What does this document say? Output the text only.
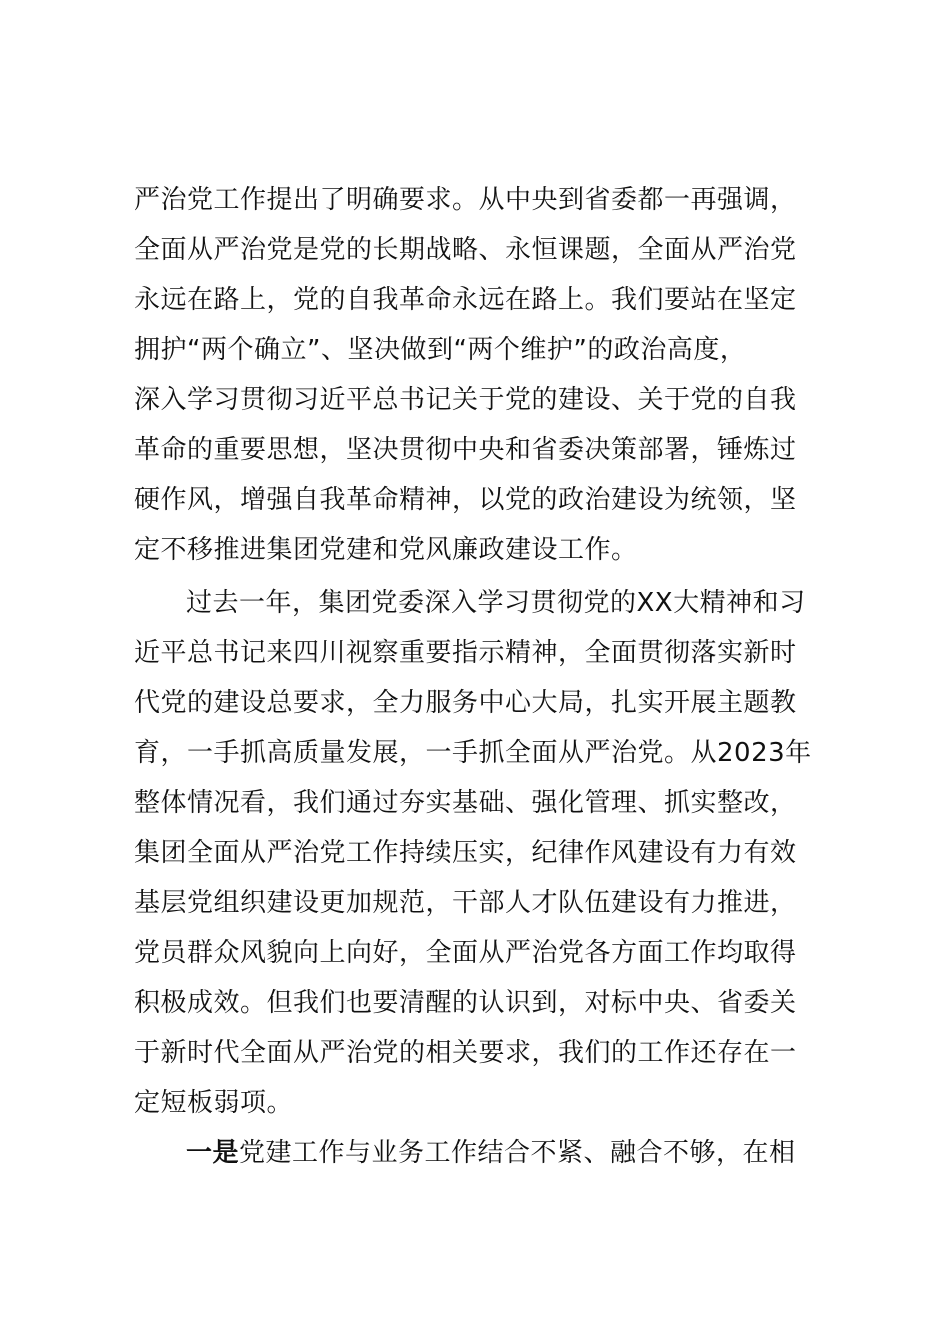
严治党工作提出了明确要求。从中央到省委都一再强调，
全面从严治党是党的长期战略、永恒课题，全面从严治党
永远在路上，党的自我革命永远在路上。我们要站在坚定
拥护“两个确立”、坚决做到“两个维护”的政治高度，
深入学习贯彻习近平总书记关于党的建设、关于党的自我
革命的重要思想，坚决贯彻中央和省委决策部署，锤炼过
硬作风，增强自我革命精神，以党的政治建设为统领，坚
定不移推进集团党建和党风廉政建设工作。
过去一年，集团党委深入学习贯彻党的XX大精神和习
近平总书记来四川视察重要指示精神，全面贯彻落实新时
代党的建设总要求，全力服务中心大局，扎实开展主题教
育，一手抓高质量发展，一手抓全面从严治党。从2023年
整体情况看，我们通过夯实基础、强化管理、抓实整改，
集团全面从严治党工作持续压实，纪律作风建设有力有效
基层党组织建设更加规范，干部人才队伍建设有力推进，
党员群众风貌向上向好，全面从严治党各方面工作均取得
积极成效。但我们也要清醒的认识到，对标中央、省委关
于新时代全面从严治党的相关要求，我们的工作还存在一
定短板弱项。
一是党建工作与业务工作结合不紧、融合不够，在相
